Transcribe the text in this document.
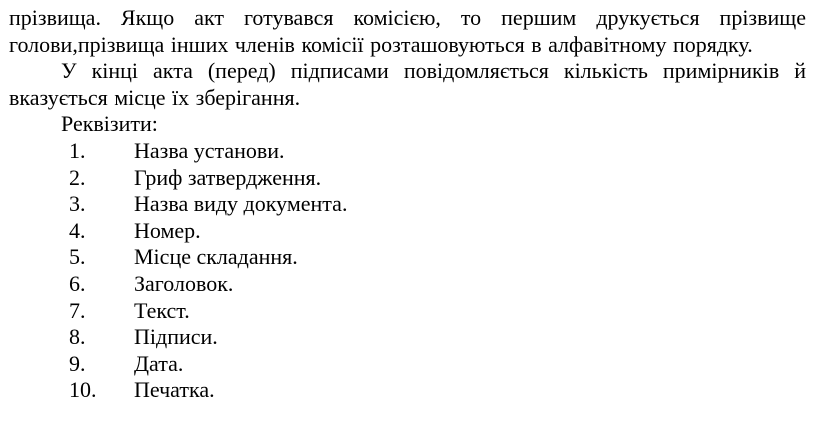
прізвища. Якщо акт готувався комісією, то першим друкується прізвище голови,прізвища інших членів комісії розташовуються в алфавітному порядку.

У кінці акта (перед) підписами повідомляється кількість примірників й вказується місце їх зберігання.

Реквізити:

1.	Назва установи.
2.	Гриф затвердження.
3.	Назва виду документа.
4.	Номер.
5.	Місце складання.
6.	Заголовок.
7.	Текст.
8.	Підписи.
9.	Дата.
10.	Печатка.
